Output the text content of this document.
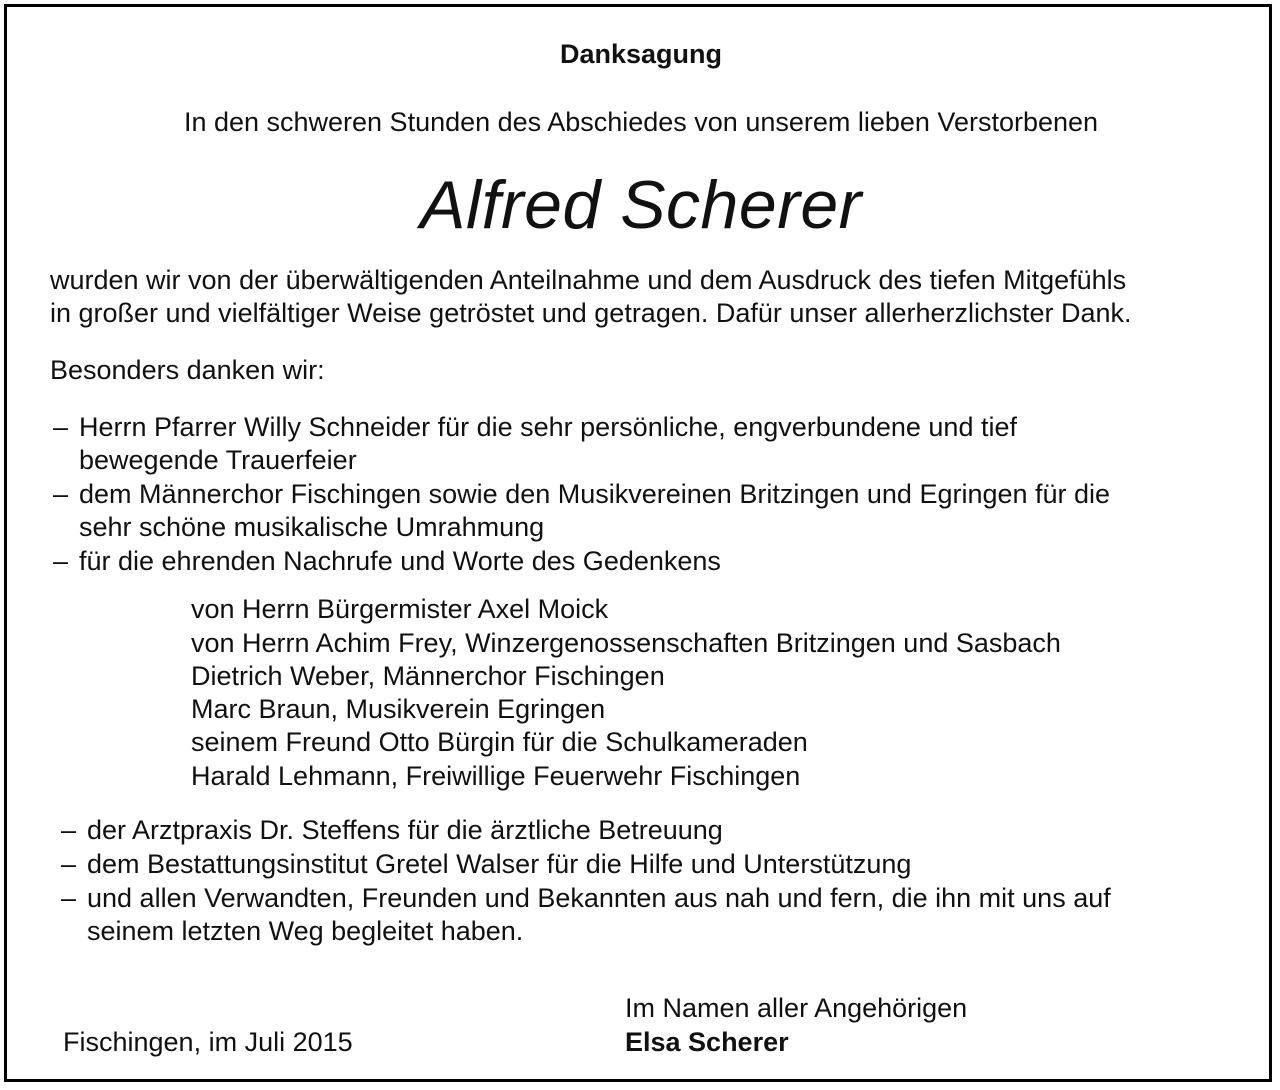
Danksagung
In den schweren Stunden des Abschiedes von unserem lieben Verstorbenen
Alfred Scherer
wurden wir von der überwältigenden Anteilnahme und dem Ausdruck des tiefen Mitgefühls
in großer und vielfältiger Weise getröstet und getragen. Dafür unser allerherzlichster Dank.
Besonders danken wir:
– Herrn Pfarrer Willy Schneider für die sehr persönliche, engverbundene und tief
bewegende Trauerfeier
– dem Männerchor Fischingen sowie den Musikvereinen Britzingen und Egringen für die
sehr schöne musikalische Umrahmung
– für die ehrenden Nachrufe und Worte des Gedenkens
von Herrn Bürgermister Axel Moick
von Herrn Achim Frey, Winzergenossenschaften Britzingen und Sasbach
Dietrich Weber, Männerchor Fischingen
Marc Braun, Musikverein Egringen
seinem Freund Otto Bürgin für die Schulkameraden
Harald Lehmann, Freiwillige Feuerwehr Fischingen
– der Arztpraxis Dr. Steffens für die ärztliche Betreuung
– dem Bestattungsinstitut Gretel Walser für die Hilfe und Unterstützung
– und allen Verwandten, Freunden und Bekannten aus nah und fern, die ihn mit uns auf
seinem letzten Weg begleitet haben.
Im Namen aller Angehörigen
Fischingen, im Juli 2015	Elsa Scherer
